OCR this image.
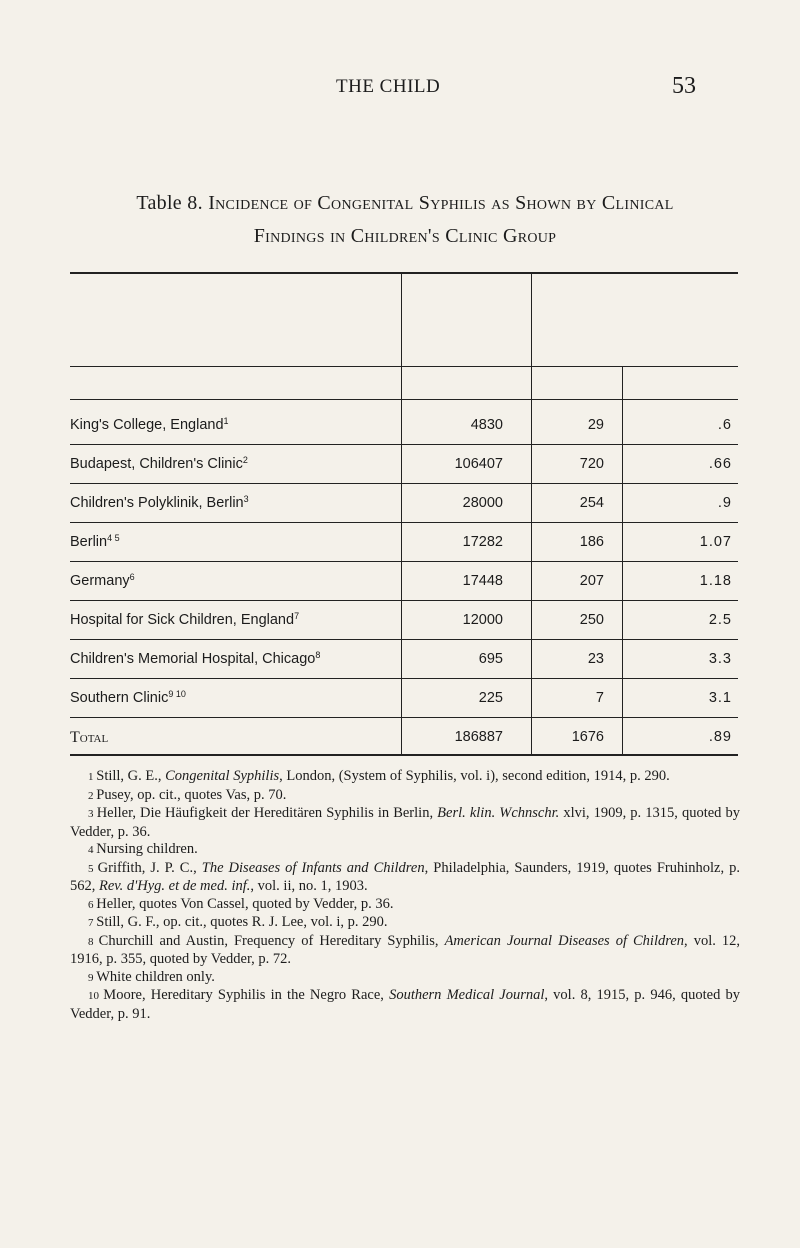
THE CHILD	53
Table 8. Incidence of Congenital Syphilis as Shown by Clinical
Findings in Children's Clinic Group
King's College, England$^1$	4830	29	.6
Budapest, Children's Clinic$^2$	106407	720	.66
Children's Polyklinik, Berlin$^3$	28000	254	.9
Berlin$^{4 5}$	17282	186	1.07
Germany$^6$	17448	207	1.18
Hospital for Sick Children, England$^7$	12000	250	2.5
Children's Memorial Hospital, Chicago$^8$	695	23	3.3
Southern Clinic$^{9 10}$	225	7	3.1
Total	186887	1676	.89
1 Still, G. E., Congenital Syphilis, London, (System of Syphilis, vol. i), second edition, 1914, p. 290.
2 Pusey, op. cit., quotes Vas, p. 70.
3 Heller, Die Häufigkeit der Hereditären Syphilis in Berlin, Berl. klin. Wchnschr. xlvi, 1909, p. 1315, quoted by Vedder, p. 36.
4 Nursing children.
5 Griffith, J. P. C., The Diseases of Infants and Children, Philadelphia, Saunders, 1919, quotes Fruhinholz, p. 562, Rev. d'Hyg. et de med. inf., vol. ii, no. 1, 1903.
6 Heller, quotes Von Cassel, quoted by Vedder, p. 36.
7 Still, G. F., op. cit., quotes R. J. Lee, vol. i, p. 290.
8 Churchill and Austin, Frequency of Hereditary Syphilis, American Journal Diseases of Children, vol. 12, 1916, p. 355, quoted by Vedder, p. 72.
9 White children only.
10 Moore, Hereditary Syphilis in the Negro Race, Southern Medical Journal, vol. 8, 1915, p. 946, quoted by Vedder, p. 91.
